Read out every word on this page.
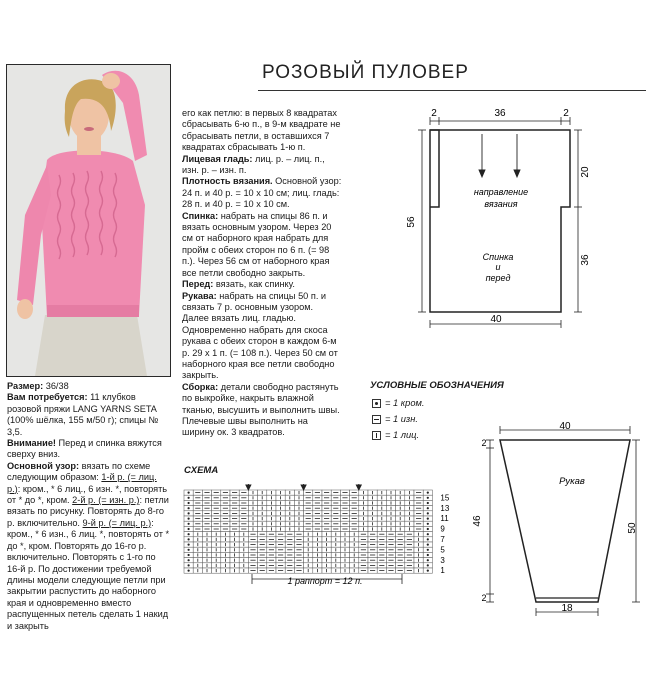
РОЗОВЫЙ ПУЛОВЕР

Размер: 36/38

Вам потребуется: 11 клубков розовой пряжи LANG YARNS SETA (100% шёлка, 155 м/50 г); спицы № 3,5.

Внимание! Перед и спинка вяжутся сверху вниз.

Основной узор: вязать по схеме следующим образом: 1-й р. (= лиц. р.): кром., * 6 лиц., 6 изн. *, повторять от * до *, кром. 2-й р. (= изн. р.): петли вязать по рисунку. Повторять до 8-го р. включительно. 9-й р. (= лиц. р.): кром., * 6 изн., 6 лиц. *, повторять от * до *, кром. Повторять до 16-го р. включительно. Повторять с 1-го по 16-й р. По достижении требуемой длины модели следующие петли при закрытии распустить до наборного края и одновременно вместо распущенных петель сделать 1 накид и закрыть

его как петлю: в первых 8 квадратах сбрасывать 6-ю п., в 9-м квадрате не сбрасывать петли, в оставшихся 7 квадратах сбрасывать 1-ю п.

Лицевая гладь: лиц. р. – лиц. п., изн. р. – изн. п.

Плотность вязания. Основной узор: 24 п. и 40 р. = 10 х 10 см; лиц. гладь: 28 п. и 40 р. = 10 х 10 см.

Спинка: набрать на спицы 86 п. и вязать основным узором. Через 20 см от наборного края набрать для пройм с обеих сторон по 6 п. (= 98 п.). Через 56 см от наборного края все петли свободно закрыть.

Перед: вязать, как спинку.

Рукава: набрать на спицы 50 п. и связать 7 р. основным узором. Далее вязать лиц. гладью. Одновременно набрать для скоса рукава с обеих сторон в каждом 6-м р. 29 х 1 п. (= 108 п.). Через 50 см от наборного края все петли свободно закрыть.

Сборка: детали свободно растянуть по выкройке, накрыть влажной тканью, высушить и выполнить швы. Плечевые швы выполнить на ширину ок. 3 квадратов.

2	36	2
20
36
56
40
направление
вязания
Спинка
и
перед
УСЛОВНЫЕ ОБОЗНАЧЕНИЯ
= 1 кром.
= 1 изн.
= 1 лиц.
СХЕМА
15
13
11
9
7
5
3
1
1 раппорт = 12 п.
40
2
46
2
50
18
Рукав
